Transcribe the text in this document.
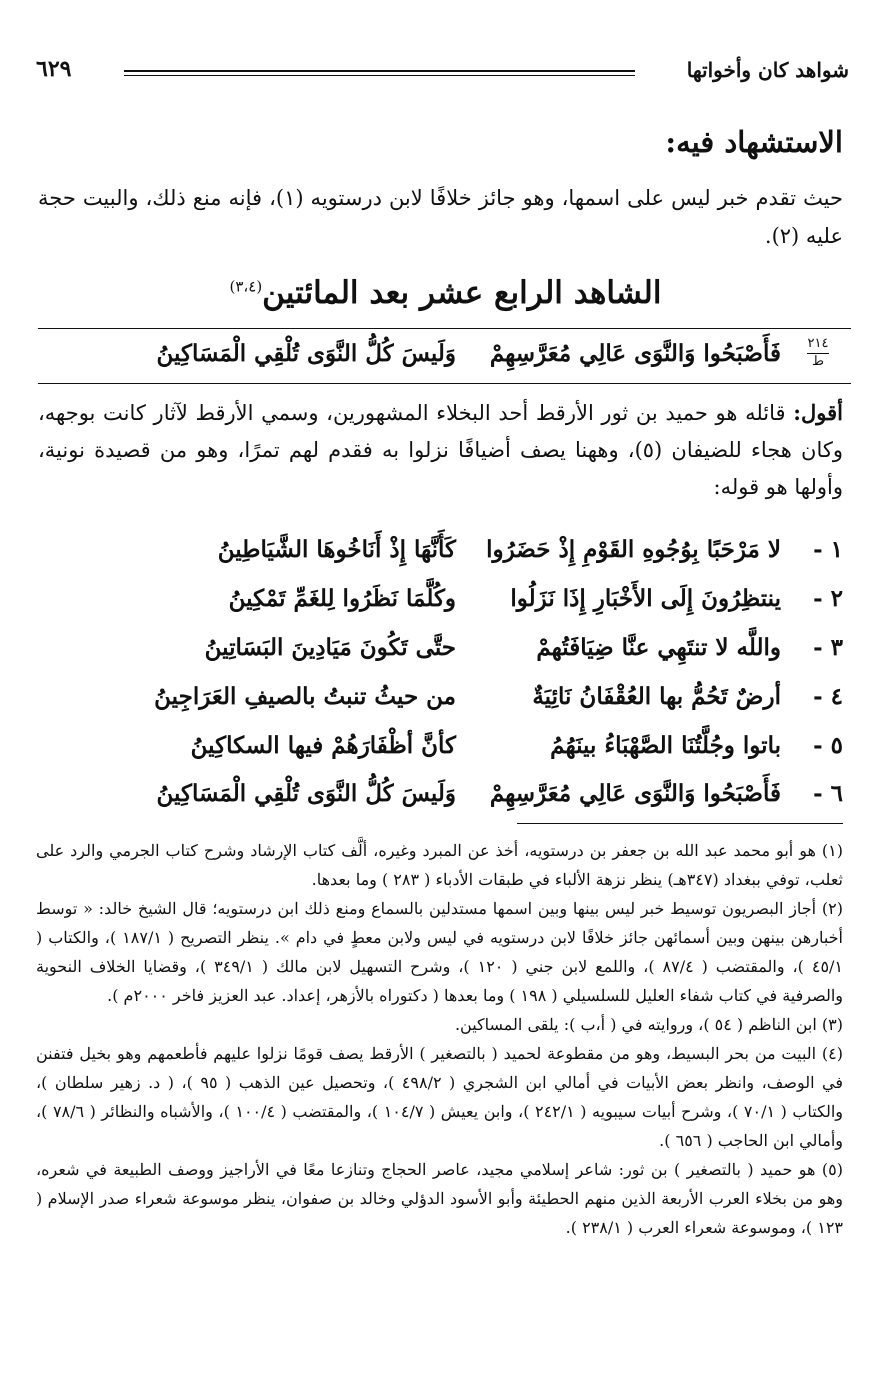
شواهد كان وأخواتها
٦٢٩
الاستشهاد فيه:
حيث تقدم خبر ليس على اسمها، وهو جائز خلافًا لابن درستويه (١)، فإنه منع ذلك، والبيت حجة عليه (٢).
الشاهد الرابع عشر بعد المائتين$^{(٣،٤)}$
٢١٤
ط
فَأَصْبَحُوا وَالنَّوَى عَالِي مُعَرَّسِهِمْ
وَلَيسَ كُلُّ النَّوَى تُلْقِي الْمَسَاكِينُ
أقول: قائله هو حميد بن ثور الأرقط أحد البخلاء المشهورين، وسمي الأرقط لآثار كانت بوجهه، وكان هجاء للضيفان (٥)، وههنا يصف أضيافًا نزلوا به فقدم لهم تمرًا، وهو من قصيدة نونية، وأولها هو قوله:
١ -
لا مَرْحَبًا بِوُجُوهِ القَوْمِ إِذْ حَضَرُوا
كَأَنَّهَا إِذْ أَنَاخُوهَا الشَّيَاطِينُ
٢ -
ينتظِرُونَ إِلَى الأَخْبَارِ إِذَا نَزَلُوا
وكُلَّمَا نَظَرُوا لِلغَمِّ تَمْكِينُ
٣ -
واللَّه لا تنتَهِي عنَّا ضِيَافَتُهمْ
حتَّى تَكُونَ مَيَادِينَ البَسَاتِينُ
٤ -
أرضٌ تَحُمُّ بها العُقْفَانُ نَائِيَةٌ
من حيثُ تنبتُ بالصيفِ العَرَاجِينُ
٥ -
باتوا وجُلَّتُنَا الصَّهْبَاءُ بينَهُمُ
كأنَّ أظْفَارَهُمْ فيها السكاكِينُ
٦ -
فَأَصْبَحُوا وَالنَّوَى عَالِي مُعَرَّسِهِمْ
وَلَيسَ كُلُّ النَّوَى تُلْقِي الْمَسَاكِينُ

(١) هو أبو محمد عبد الله بن جعفر بن درستويه، أخذ عن المبرد وغيره، ألَّف كتاب الإرشاد وشرح كتاب الجرمي والرد على ثعلب، توفي ببغداد (٣٤٧هـ) ينظر نزهة الألباء في طبقات الأدباء ( ٢٨٣ ) وما بعدها.

(٢) أجاز البصريون توسيط خبر ليس بينها وبين اسمها مستدلين بالسماع ومنع ذلك ابن درستويه؛ قال الشيخ خالد: « توسط أخبارهن بينهن وبين أسمائهن جائز خلافًا لابن درستويه في ليس ولابن معطٍ في دام ». ينظر التصريح ( ١٨٧/١ )، والكتاب ( ٤٥/١ )، والمقتضب ( ٨٧/٤ )، واللمع لابن جني ( ١٢٠ )، وشرح التسهيل لابن مالك ( ٣٤٩/١ )، وقضايا الخلاف النحوية والصرفية في كتاب شفاء العليل للسلسيلي ( ١٩٨ ) وما بعدها ( دكتوراه بالأزهر، إعداد. عبد العزيز فاخر ٢٠٠٠م ).

(٣) ابن الناظم ( ٥٤ )، وروايته في ( أ،ب ): يلقى المساكين.

(٤) البيت من بحر البسيط، وهو من مقطوعة لحميد ( بالتصغير ) الأرقط يصف قومًا نزلوا عليهم فأطعمهم وهو بخيل فتفنن في الوصف، وانظر بعض الأبيات في أمالي ابن الشجري ( ٤٩٨/٢ )، وتحصيل عين الذهب ( ٩٥ )، ( د. زهير سلطان )، والكتاب ( ٧٠/١ )، وشرح أبيات سيبويه ( ٢٤٢/١ )، وابن يعيش ( ١٠٤/٧ )، والمقتضب ( ١٠٠/٤ )، والأشباه والنظائر ( ٧٨/٦ )، وأمالي ابن الحاجب ( ٦٥٦ ).

(٥) هو حميد ( بالتصغير ) بن ثور: شاعر إسلامي مجيد، عاصر الحجاج وتنازعا معًا في الأراجيز ووصف الطبيعة في شعره، وهو من بخلاء العرب الأربعة الذين منهم الحطيئة وأبو الأسود الدؤلي وخالد بن صفوان، ينظر موسوعة شعراء صدر الإسلام ( ١٢٣ )، وموسوعة شعراء العرب ( ٢٣٨/١ ).
